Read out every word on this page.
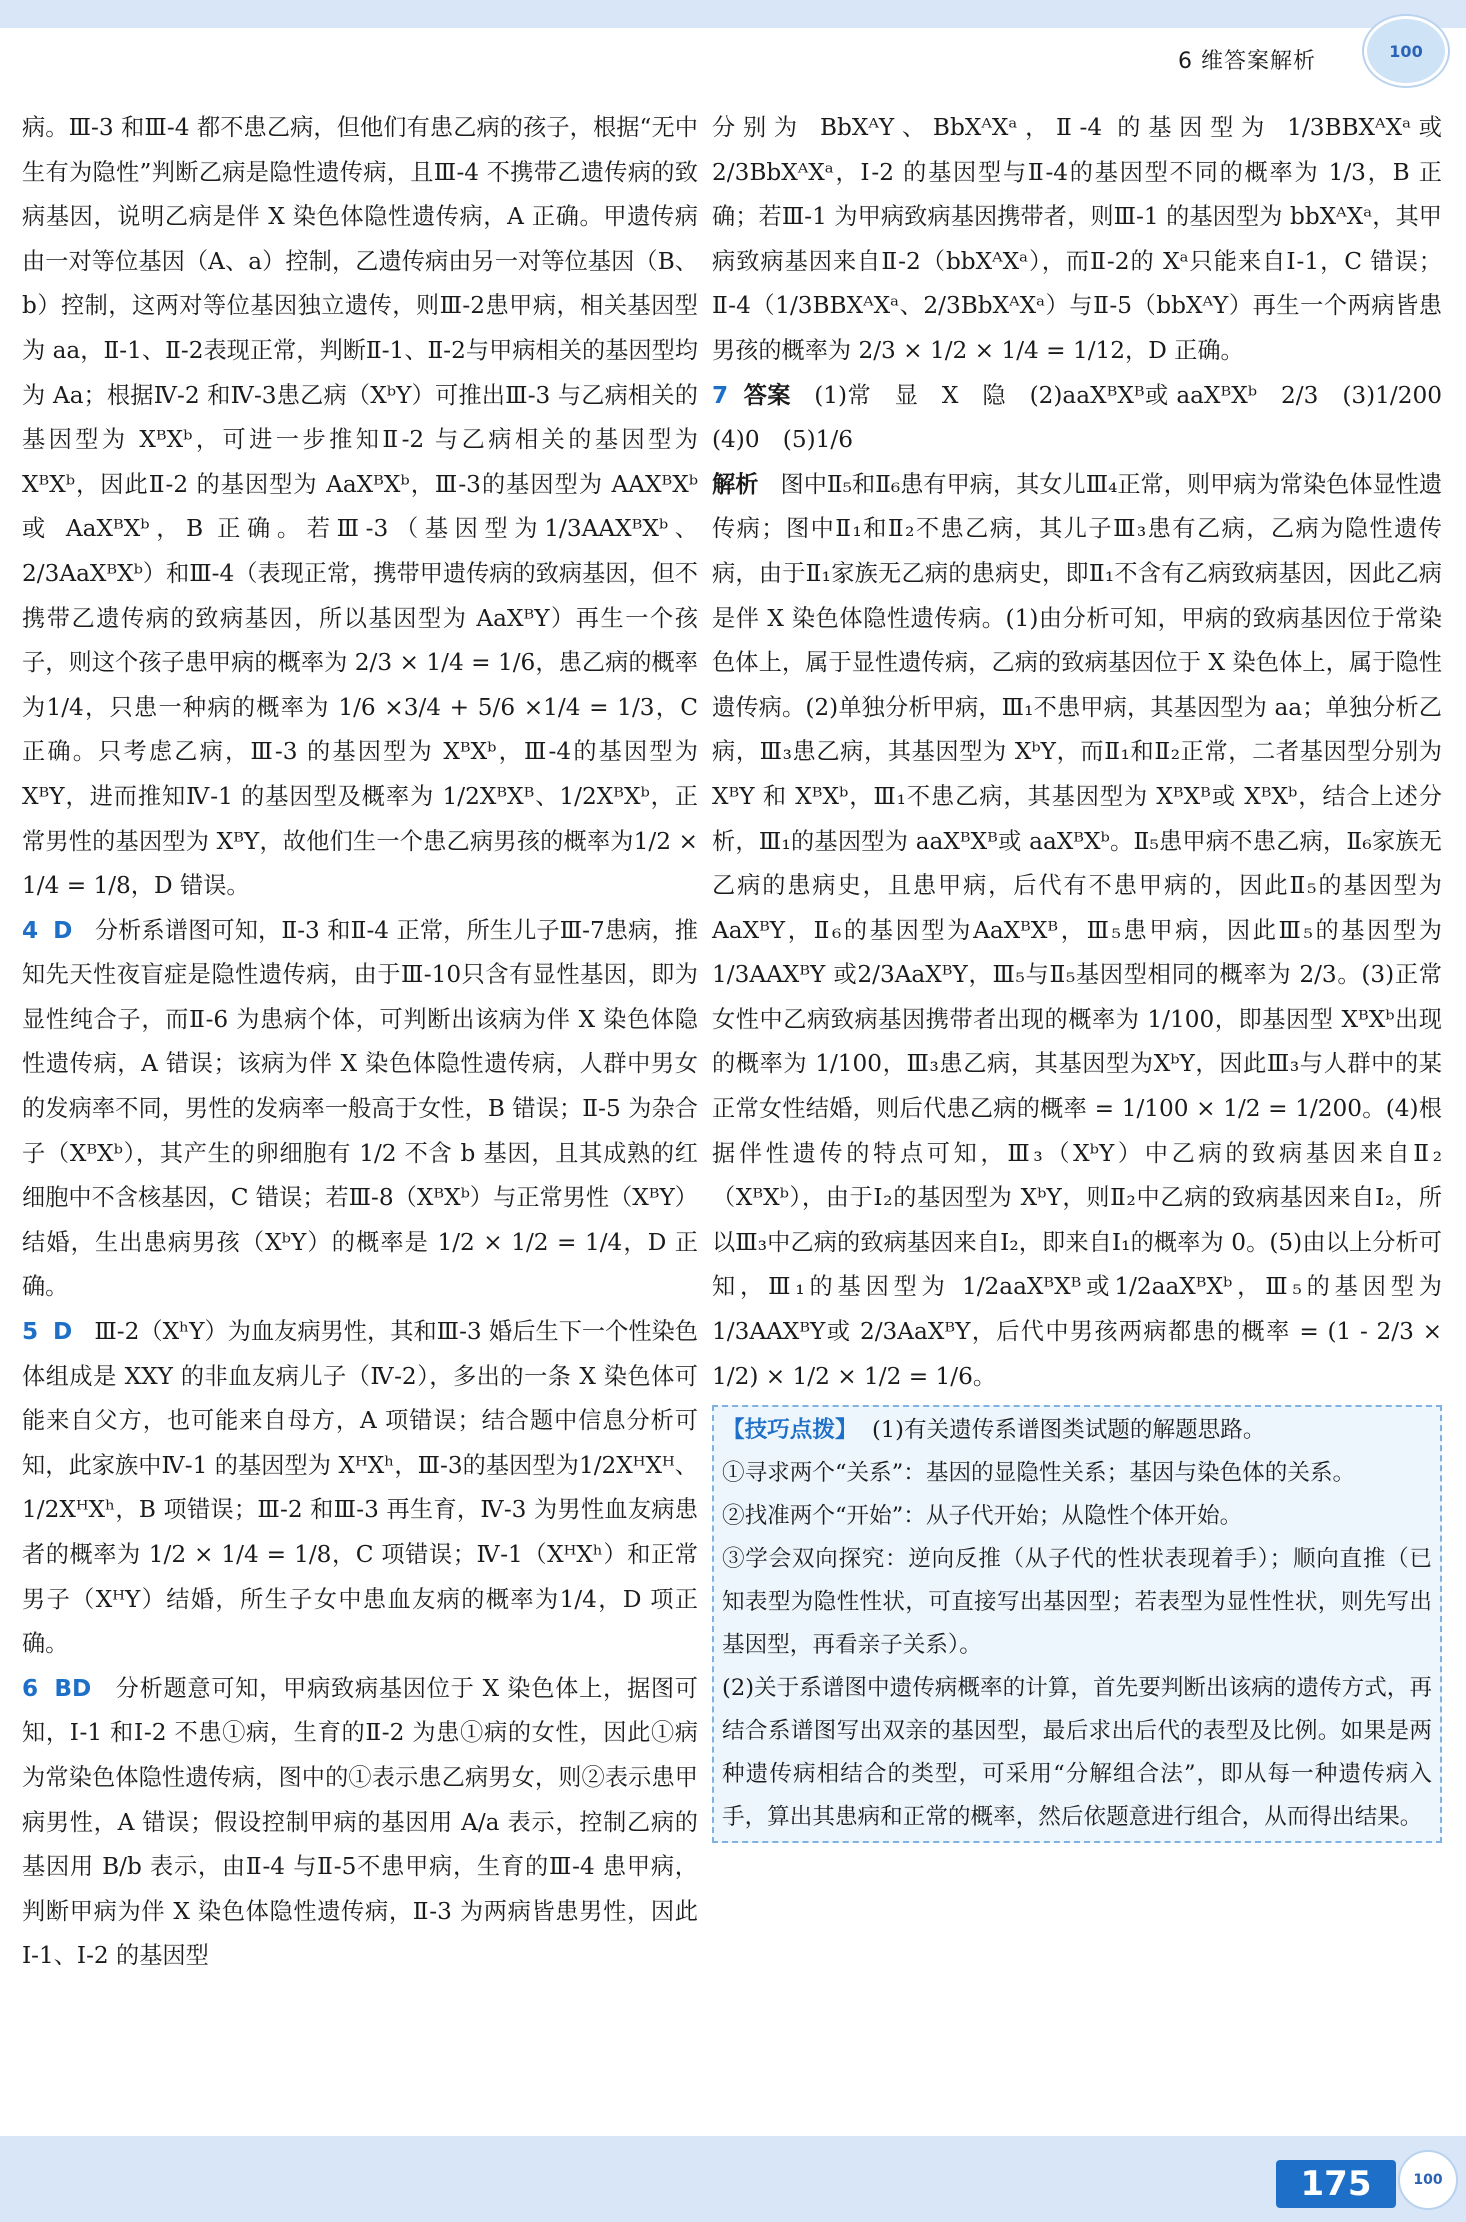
6 维答案解析	100

病。Ⅲ-3 和Ⅲ-4 都不患乙病，但他们有患乙病的孩子，根据“无中生有为隐性”判断乙病是隐性遗传病，且Ⅲ-4 不携带乙遗传病的致病基因，说明乙病是伴 X 染色体隐性遗传病，A 正确。甲遗传病由一对等位基因（A、a）控制，乙遗传病由另一对等位基因（B、b）控制，这两对等位基因独立遗传，则Ⅲ-2患甲病，相关基因型为 aa，Ⅱ-1、Ⅱ-2表现正常，判断Ⅱ-1、Ⅱ-2与甲病相关的基因型均为 Aa；根据Ⅳ-2 和Ⅳ-3患乙病（XᵇY）可推出Ⅲ-3 与乙病相关的基因型为 XᴮXᵇ，可进一步推知Ⅱ-2 与乙病相关的基因型为 XᴮXᵇ，因此Ⅱ-2 的基因型为 AaXᴮXᵇ，Ⅲ-3的基因型为 AAXᴮXᵇ或 AaXᴮXᵇ，B 正确。若Ⅲ-3（基因型为1/3AAXᴮXᵇ、2/3AaXᴮXᵇ）和Ⅲ-4（表现正常，携带甲遗传病的致病基因，但不携带乙遗传病的致病基因，所以基因型为 AaXᴮY）再生一个孩子，则这个孩子患甲病的概率为 2/3 × 1/4 = 1/6，患乙病的概率为1/4，只患一种病的概率为 1/6 ×3/4 + 5/6 ×1/4 = 1/3，C 正确。只考虑乙病，Ⅲ-3 的基因型为 XᴮXᵇ，Ⅲ-4的基因型为 XᴮY，进而推知Ⅳ-1 的基因型及概率为 1/2XᴮXᴮ、1/2XᴮXᵇ，正常男性的基因型为 XᴮY，故他们生一个患乙病男孩的概率为1/2 × 1/4 = 1/8，D 错误。

4 D 分析系谱图可知，Ⅱ-3 和Ⅱ-4 正常，所生儿子Ⅲ-7患病，推知先天性夜盲症是隐性遗传病，由于Ⅲ-10只含有显性基因，即为显性纯合子，而Ⅱ-6 为患病个体，可判断出该病为伴 X 染色体隐性遗传病，A 错误；该病为伴 X 染色体隐性遗传病，人群中男女的发病率不同，男性的发病率一般高于女性，B 错误；Ⅱ-5 为杂合子（XᴮXᵇ），其产生的卵细胞有 1/2 不含 b 基因，且其成熟的红细胞中不含核基因，C 错误；若Ⅲ-8（XᴮXᵇ）与正常男性（XᴮY）结婚，生出患病男孩（XᵇY）的概率是 1/2 × 1/2 = 1/4，D 正确。

5 D Ⅲ-2（XʰY）为血友病男性，其和Ⅲ-3 婚后生下一个性染色体组成是 XXY 的非血友病儿子（Ⅳ-2），多出的一条 X 染色体可能来自父方，也可能来自母方，A 项错误；结合题中信息分析可知，此家族中Ⅳ-1 的基因型为 XᴴXʰ，Ⅲ-3的基因型为1/2XᴴXᴴ、1/2XᴴXʰ，B 项错误；Ⅲ-2 和Ⅲ-3 再生育，Ⅳ-3 为男性血友病患者的概率为 1/2 × 1/4 = 1/8，C 项错误；Ⅳ-1（XᴴXʰ）和正常男子（XᴴY）结婚，所生子女中患血友病的概率为1/4，D 项正确。

6 BD 分析题意可知，甲病致病基因位于 X 染色体上，据图可知，Ⅰ-1 和Ⅰ-2 不患①病，生育的Ⅱ-2 为患①病的女性，因此①病为常染色体隐性遗传病，图中的①表示患乙病男女，则②表示患甲病男性，A 错误；假设控制甲病的基因用 A/a 表示，控制乙病的基因用 B/b 表示，由Ⅱ-4 与Ⅱ-5不患甲病，生育的Ⅲ-4 患甲病，判断甲病为伴 X 染色体隐性遗传病，Ⅱ-3 为两病皆患男性，因此Ⅰ-1、Ⅰ-2 的基因型

分别为 BbXᴬY、BbXᴬXᵃ，Ⅱ-4 的基因型为 1/3BBXᴬXᵃ或2/3BbXᴬXᵃ，Ⅰ-2 的基因型与Ⅱ-4的基因型不同的概率为 1/3，B 正确；若Ⅲ-1 为甲病致病基因携带者，则Ⅲ-1 的基因型为 bbXᴬXᵃ，其甲病致病基因来自Ⅱ-2（bbXᴬXᵃ），而Ⅱ-2的 Xᵃ只能来自Ⅰ-1，C 错误；Ⅱ-4（1/3BBXᴬXᵃ、2/3BbXᴬXᵃ）与Ⅱ-5（bbXᴬY）再生一个两病皆患男孩的概率为 2/3 × 1/2 × 1/4 = 1/12，D 正确。

7 答案 (1)常　显　X　隐　(2)aaXᴮXᴮ或 aaXᴮXᵇ　2/3　(3)1/200　(4)0　(5)1/6

解析 图中Ⅱ₅和Ⅱ₆患有甲病，其女儿Ⅲ₄正常，则甲病为常染色体显性遗传病；图中Ⅱ₁和Ⅱ₂不患乙病，其儿子Ⅲ₃患有乙病，乙病为隐性遗传病，由于Ⅱ₁家族无乙病的患病史，即Ⅱ₁不含有乙病致病基因，因此乙病是伴 X 染色体隐性遗传病。(1)由分析可知，甲病的致病基因位于常染色体上，属于显性遗传病，乙病的致病基因位于 X 染色体上，属于隐性遗传病。(2)单独分析甲病，Ⅲ₁不患甲病，其基因型为 aa；单独分析乙病，Ⅲ₃患乙病，其基因型为 XᵇY，而Ⅱ₁和Ⅱ₂正常，二者基因型分别为 XᴮY 和 XᴮXᵇ，Ⅲ₁不患乙病，其基因型为 XᴮXᴮ或 XᴮXᵇ，结合上述分析，Ⅲ₁的基因型为 aaXᴮXᴮ或 aaXᴮXᵇ。Ⅱ₅患甲病不患乙病，Ⅱ₆家族无乙病的患病史，且患甲病，后代有不患甲病的，因此Ⅱ₅的基因型为 AaXᴮY，Ⅱ₆的基因型为AaXᴮXᴮ，Ⅲ₅患甲病，因此Ⅲ₅的基因型为 1/3AAXᴮY 或2/3AaXᴮY，Ⅲ₅与Ⅱ₅基因型相同的概率为 2/3。(3)正常女性中乙病致病基因携带者出现的概率为 1/100，即基因型 XᴮXᵇ出现的概率为 1/100，Ⅲ₃患乙病，其基因型为XᵇY，因此Ⅲ₃与人群中的某正常女性结婚，则后代患乙病的概率 = 1/100 × 1/2 = 1/200。(4)根据伴性遗传的特点可知，Ⅲ₃（XᵇY）中乙病的致病基因来自Ⅱ₂（XᴮXᵇ），由于Ⅰ₂的基因型为 XᵇY，则Ⅱ₂中乙病的致病基因来自Ⅰ₂，所以Ⅲ₃中乙病的致病基因来自Ⅰ₂，即来自Ⅰ₁的概率为 0。(5)由以上分析可知，Ⅲ₁的基因型为 1/2aaXᴮXᴮ或1/2aaXᴮXᵇ，Ⅲ₅的基因型为1/3AAXᴮY或 2/3AaXᴮY，后代中男孩两病都患的概率 = (1 - 2/3 × 1/2) × 1/2 × 1/2 = 1/6。

【技巧点拨】 (1)有关遗传系谱图类试题的解题思路。

①寻求两个“关系”：基因的显隐性关系；基因与染色体的关系。

②找准两个“开始”：从子代开始；从隐性个体开始。

③学会双向探究：逆向反推（从子代的性状表现着手）；顺向直推（已知表型为隐性性状，可直接写出基因型；若表型为显性性状，则先写出基因型，再看亲子关系）。

(2)关于系谱图中遗传病概率的计算，首先要判断出该病的遗传方式，再结合系谱图写出双亲的基因型，最后求出后代的表型及比例。如果是两种遗传病相结合的类型，可采用“分解组合法”，即从每一种遗传病入手，算出其患病和正常的概率，然后依题意进行组合，从而得出结果。

175	100
